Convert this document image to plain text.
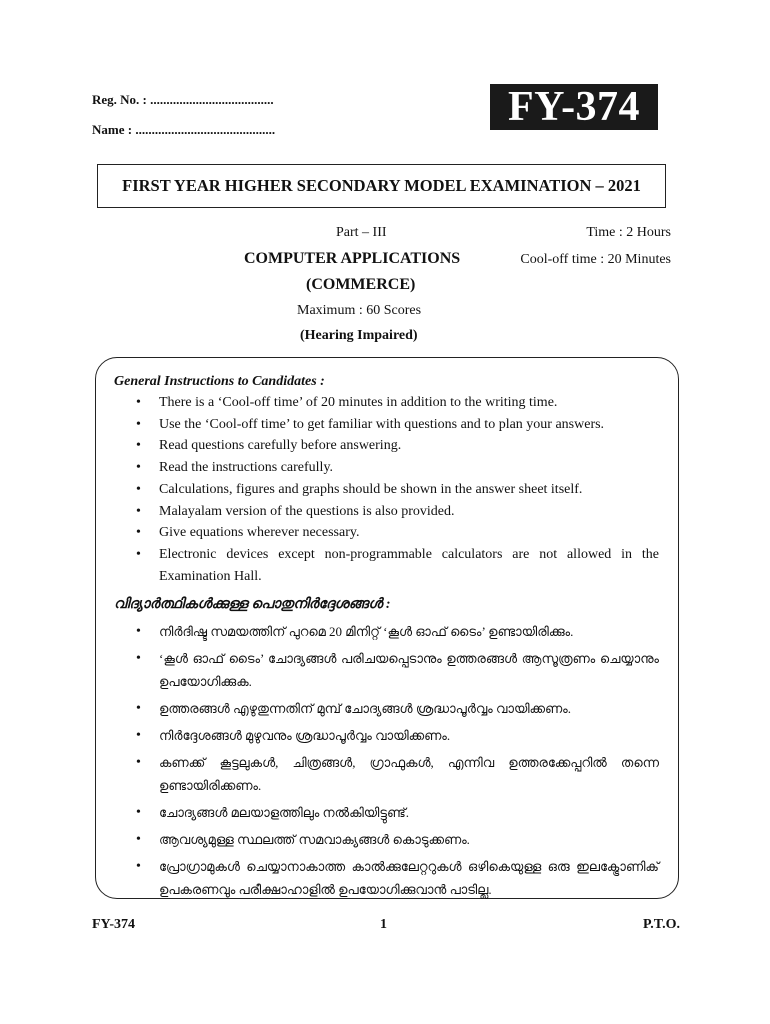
Reg. No. : ......................................
Name : ...........................................	FY-374
FIRST YEAR HIGHER SECONDARY MODEL EXAMINATION – 2021
Part – III	Time : 2 Hours
COMPUTER APPLICATIONS	Cool-off time : 20 Minutes
(COMMERCE)
Maximum : 60 Scores
(Hearing Impaired)
General Instructions to Candidates :
• There is a ‘Cool-off time’ of 20 minutes in addition to the writing time.
• Use the ‘Cool-off time’ to get familiar with questions and to plan your answers.
• Read questions carefully before answering.
• Read the instructions carefully.
• Calculations, figures and graphs should be shown in the answer sheet itself.
• Malayalam version of the questions is also provided.
• Give equations wherever necessary.
• Electronic devices except non-programmable calculators are not allowed in the Examination Hall.
വിദ്യാർത്ഥികൾക്കുള്ള പൊതുനിർദ്ദേശങ്ങൾ :
• നിർദിഷ്ട സമയത്തിന് പുറമെ 20 മിനിറ്റ് ‘കൂൾ ഓഫ് ടൈം’ ഉണ്ടായിരിക്കും.
• ‘കൂൾ ഓഫ് ടൈം’ ചോദ്യങ്ങൾ പരിചയപ്പെടാനും ഉത്തരങ്ങൾ ആസൂത്രണം ചെയ്യാനും ഉപയോഗിക്കുക.
• ഉത്തരങ്ങൾ എഴുതുന്നതിന് മുമ്പ് ചോദ്യങ്ങൾ ശ്രദ്ധാപൂർവ്വം വായിക്കണം.
• നിർദ്ദേശങ്ങൾ മുഴുവനും ശ്രദ്ധാപൂർവ്വം വായിക്കണം.
• കണക്ക് കൂട്ടലുകൾ, ചിത്രങ്ങൾ, ഗ്രാഫുകൾ, എന്നിവ ഉത്തരക്കേപ്പറിൽ തന്നെ ഉണ്ടായിരിക്കണം.
• ചോദ്യങ്ങൾ മലയാളത്തിലും നൽകിയിട്ടുണ്ട്.
• ആവശ്യമുള്ള സ്ഥലത്ത് സമവാക്യങ്ങൾ കൊടുക്കണം.
• പ്രോഗ്രാമുകൾ ചെയ്യാനാകാത്ത കാൽക്കുലേറ്ററുകൾ ഒഴികെയുള്ള ഒരു ഇലക്ട്രോണിക് ഉപകരണവും പരീക്ഷാഹാളിൽ ഉപയോഗിക്കുവാൻ പാടില്ല.
FY-374	1	P.T.O.
